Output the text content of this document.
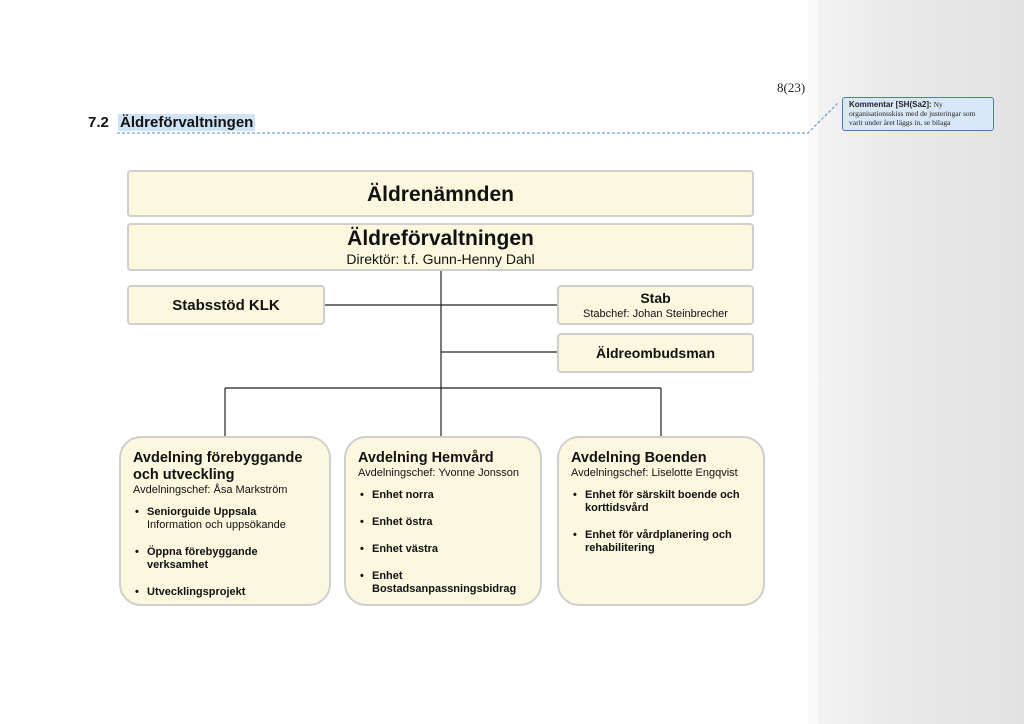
8(23)
7.2 Äldreförvaltningen
Kommentar [SH(Sa2]: Ny organisationsskiss med de justeringar som varit under året läggs in, se bilaga
Äldrenämnden
Äldreförvaltningen
Direktör: t.f. Gunn-Henny Dahl
Stabsstöd KLK	Stab
Stabchef: Johan Steinbrecher
Äldreombudsman
Avdelning förebyggande och utveckling
Avdelningschef: Åsa Markström
• Seniorguide Uppsala
Information och uppsökande
• Öppna förebyggande verksamhet
• Utvecklingsprojekt
Avdelning Hemvård
Avdelningschef: Yvonne Jonsson
• Enhet norra
• Enhet östra
• Enhet västra
• Enhet Bostadsanpassningsbidrag
Avdelning Boenden
Avdelningschef: Liselotte Engqvist
• Enhet för särskilt boende och korttidsvård
• Enhet för vårdplanering och rehabilitering
